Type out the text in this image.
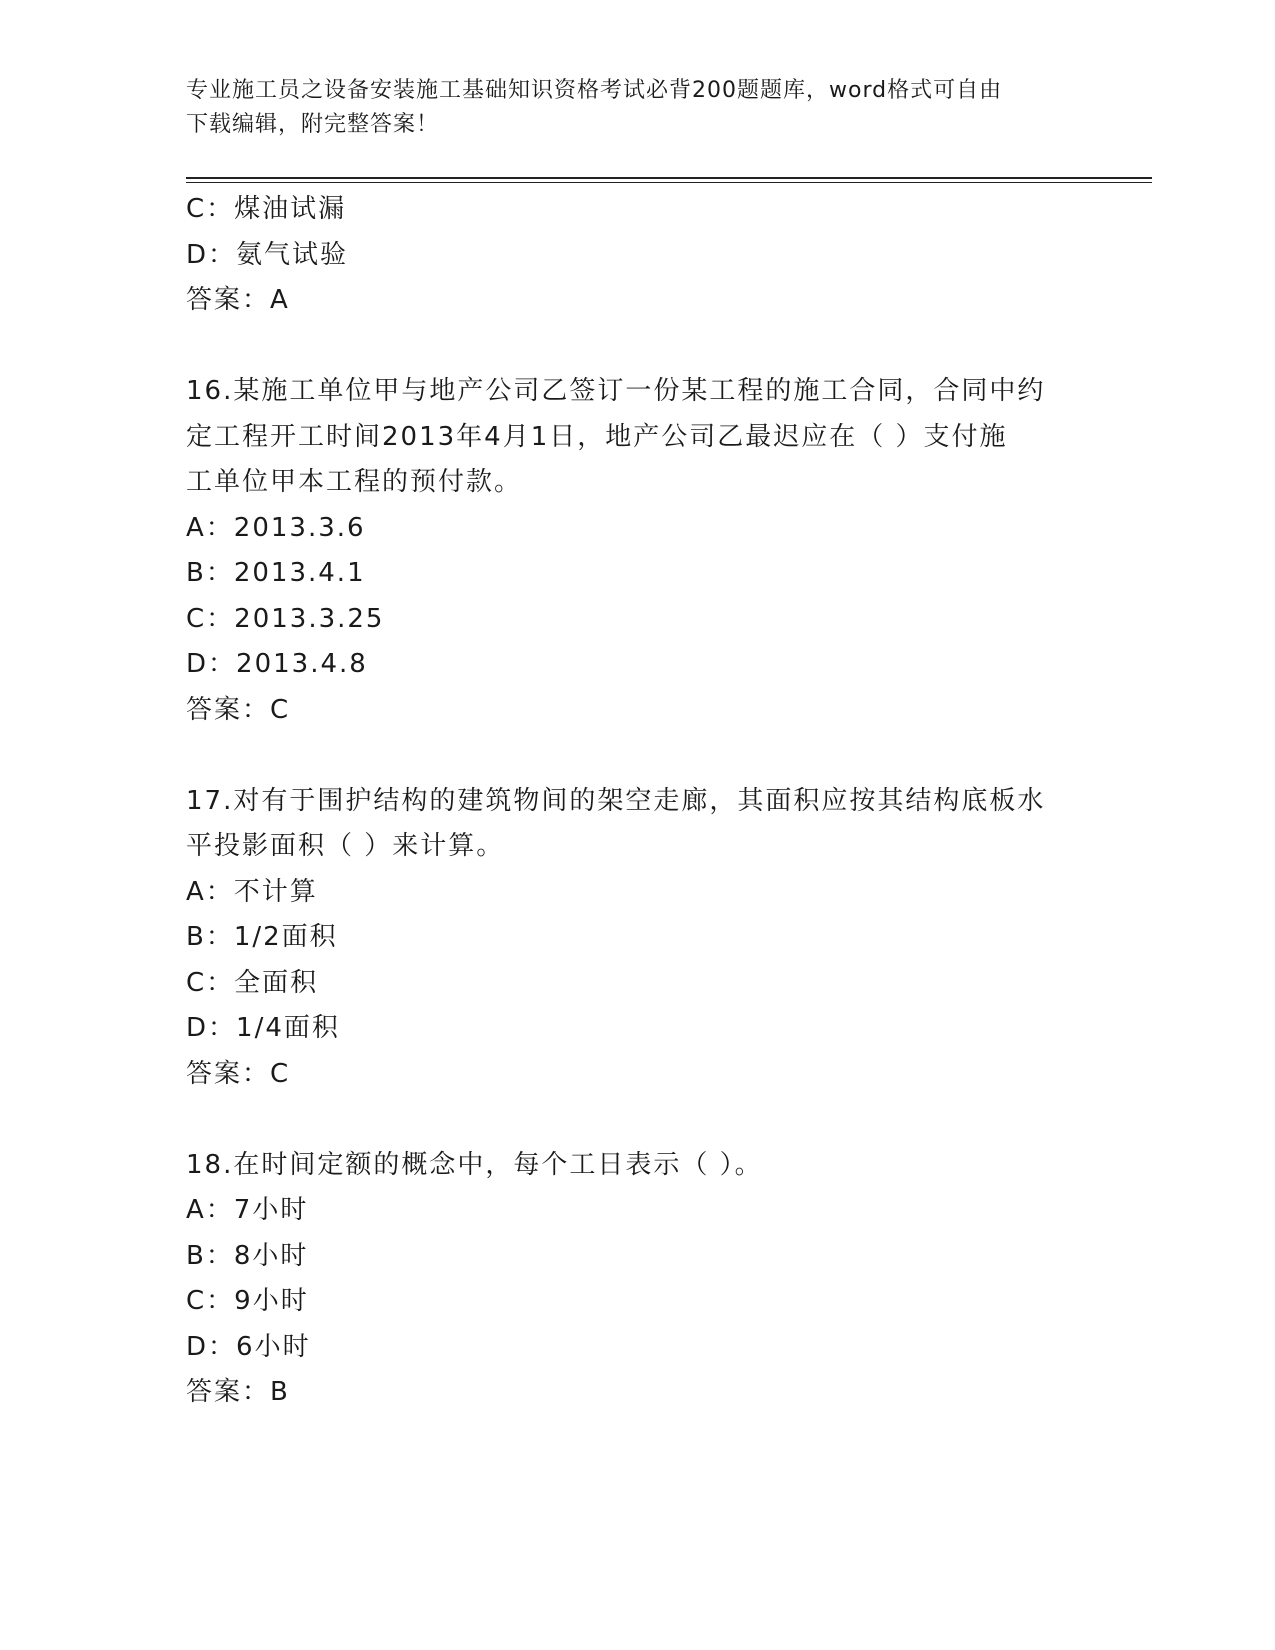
专业施工员之设备安装施工基础知识资格考试必背200题题库，word格式可自由
下载编辑，附完整答案！
C：煤油试漏
D：氨气试验
答案：A
16.某施工单位甲与地产公司乙签订一份某工程的施工合同，合同中约
定工程开工时间2013年4月1日，地产公司乙最迟应在（ ）支付施
工单位甲本工程的预付款。
A：2013.3.6
B：2013.4.1
C：2013.3.25
D：2013.4.8
答案：C
17.对有于围护结构的建筑物间的架空走廊，其面积应按其结构底板水
平投影面积（ ）来计算。
A：不计算
B：1/2面积
C：全面积
D：1/4面积
答案：C
18.在时间定额的概念中，每个工日表示（ ）。
A：7小时
B：8小时
C：9小时
D：6小时
答案：B
